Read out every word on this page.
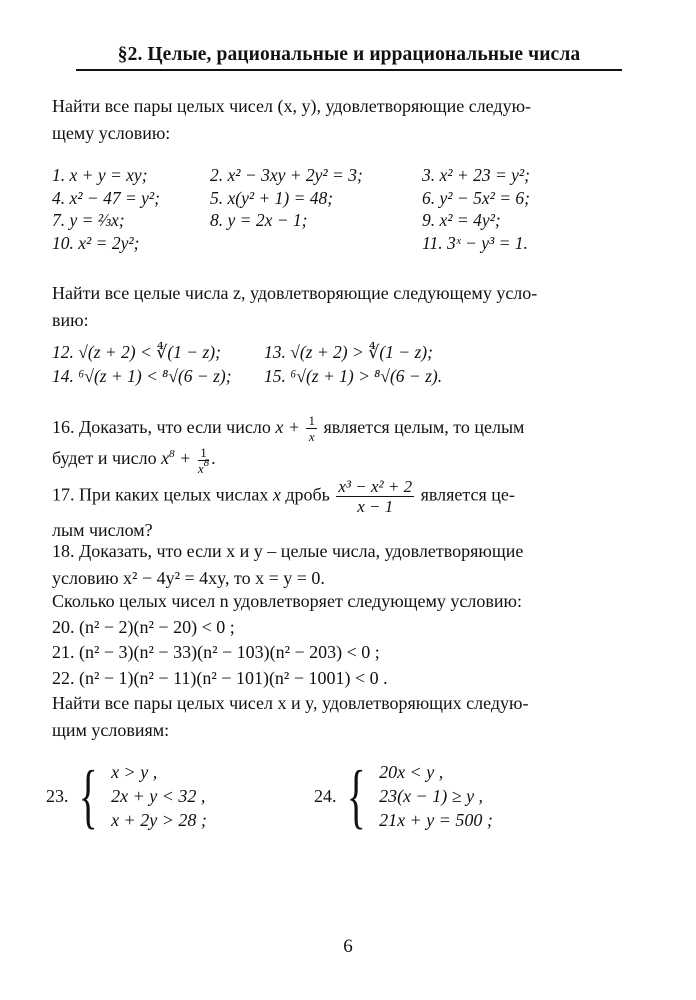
§2. Целые, рациональные и иррациональные числа
Найти все пары целых чисел (x, y), удовлетворяющие следую-
щему условию:
1. x + y = xy;	2. x² − 3xy + 2y² = 3;	3. x² + 23 = y²;
4. x² − 47 = y²;	5. x(y² + 1) = 48;	6. y² − 5x² = 6;
7. y = ⅔x;	8. y = 2x − 1;	9. x² = 4y²;
10. x² = 2y²;	11. 3ˣ − y³ = 1.
Найти все целые числа z, удовлетворяющие следующему усло-
вию:
12. √(z + 2) < ∜(1 − z);	13. √(z + 2) > ∜(1 − z);
14. ⁶√(z + 1) < ⁸√(6 − z);	15. ⁶√(z + 1) > ⁸√(6 − z).
16. Доказать, что если число $x + \frac{1}{x}$ является целым, то целым
будет и число $x^8 + \frac{1}{x^8}$ .
17. При каких целых числах x дробь $\frac{\text{x³ − x² + 2}}{x - 1}$ является це-
лым числом?
18. Доказать, что если x и y – целые числа, удовлетворяющие
условию x² − 4y² = 4xy, то x = y = 0.
Сколько целых чисел n удовлетворяет следующему условию:
20. (n² − 2)(n² − 20) < 0 ;
21. (n² − 3)(n² − 33)(n² − 103)(n² − 203) < 0 ;
22. (n² − 1)(n² − 11)(n² − 101)(n² − 1001) < 0 .
Найти все пары целых чисел x и y, удовлетворяющих следую-
щим условиям:
23. { x > y ,
2x + y < 32 ,
x + 2y > 28 ;
24. { 20x < y ,
23(x − 1) ≥ y ,
21x + y = 500 ;
6
